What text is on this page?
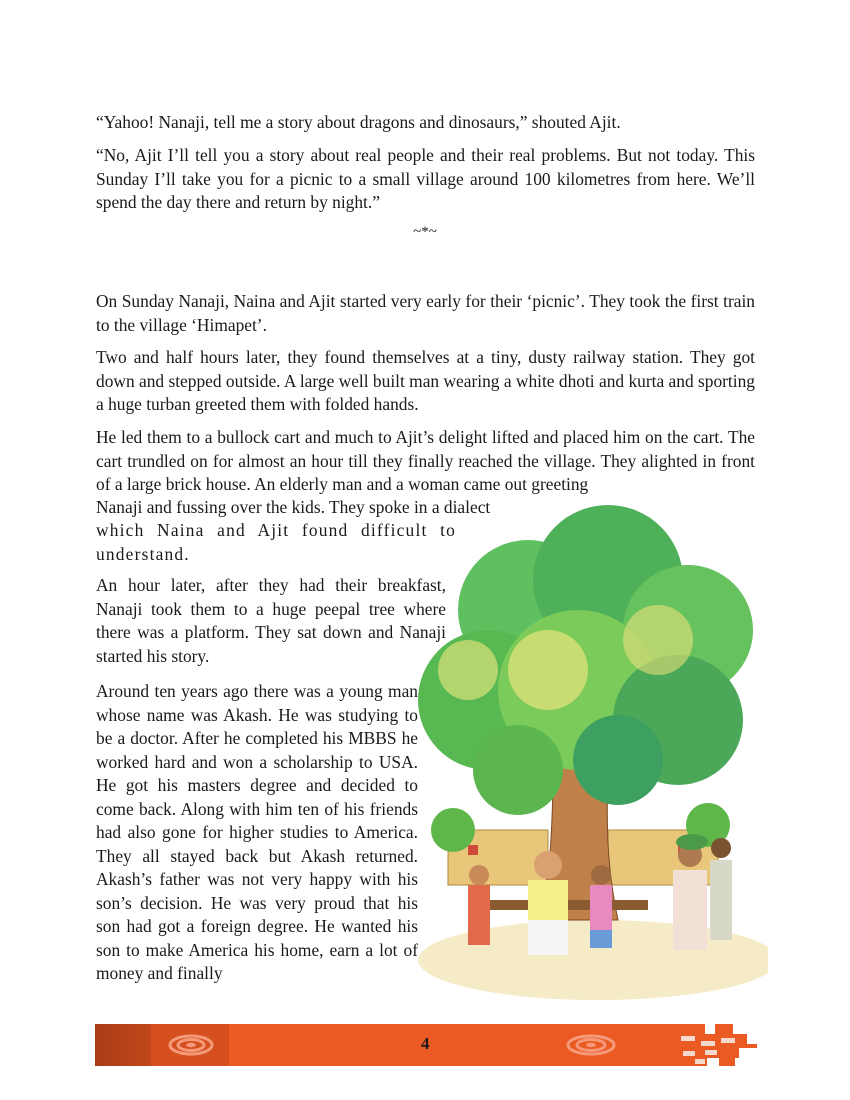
“Yahoo! Nanaji, tell me a story about dragons and dinosaurs,” shouted Ajit.

“No, Ajit I’ll tell you a story about real people and their real problems. But not today. This Sunday I’ll take you for a picnic to a small village around 100 kilometres from here. We’ll spend the day there and return by night.”

~*~

On Sunday Nanaji, Naina and Ajit started very early for their ‘picnic’. They took the first train to the village ‘Himapet’.

Two and half hours later, they found themselves at a tiny, dusty railway station. They got down and stepped outside. A large well built man wearing a white dhoti and kurta and sporting a huge turban greeted them with folded hands.

He led them to a bullock cart and much to Ajit’s delight lifted and placed him on the cart. The cart trundled on for almost an hour till they finally reached the village. They alighted in front of a large brick house. An elderly man and a woman came out greeting

Nanaji and fussing over the kids. They spoke in a dialect

which Naina and Ajit found difficult to understand.

An hour later, after they had their breakfast, Nanaji took them to a huge peepal tree where there was a platform. They sat down and Nanaji started his story.

Around ten years ago there was a young man whose name was Akash. He was studying to be a doctor. After he completed his MBBS he worked hard and won a scholarship to USA. He got his masters degree and decided to come back. Along with him ten of his friends had also gone for higher studies to America. They all stayed back but Akash returned. Akash’s father was not very happy with his son’s decision. He was very proud that his son had got a foreign degree. He wanted his son to make America his home, earn a lot of money and finally

4
